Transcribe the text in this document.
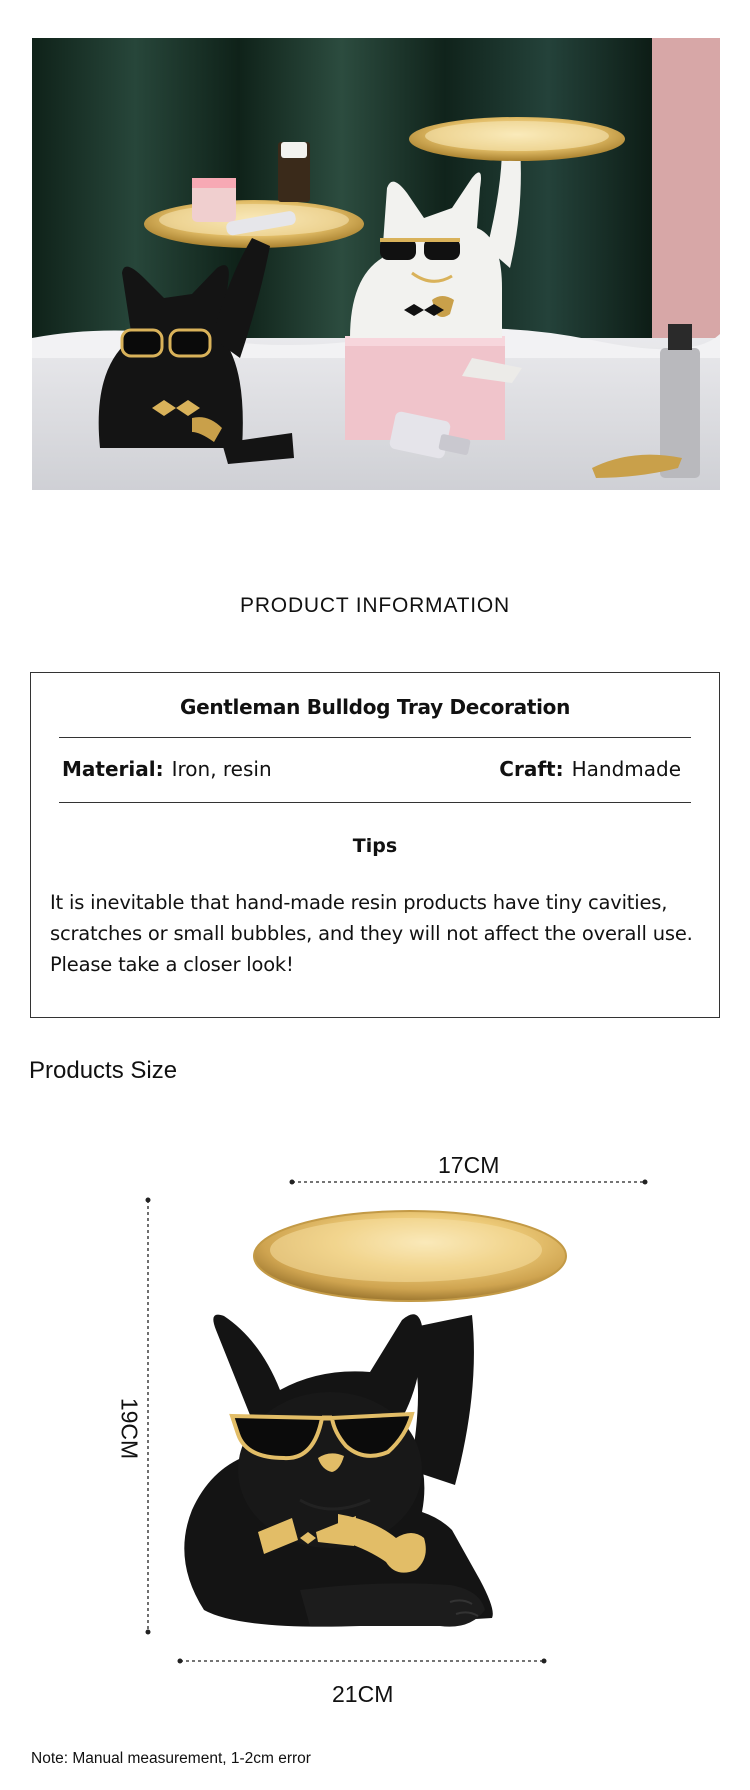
PRODUCT INFORMATION
Gentleman Bulldog Tray Decoration
Material: Iron, resin	Craft: Handmade
Tips
It is inevitable that hand-made resin products have tiny cavities,
scratches or small bubbles, and they will not affect the overall use.
Please take a closer look!
Products Size
17CM
19CM
21CM
Note: Manual measurement, 1-2cm error
